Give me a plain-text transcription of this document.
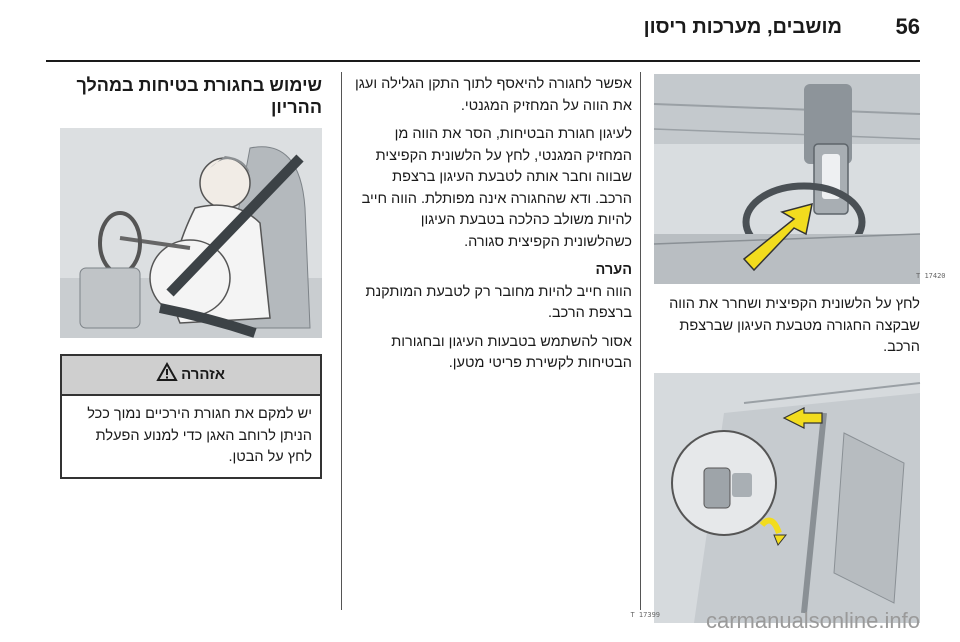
56
מושבים, מערכות ריסון
17420 T

לחץ על הלשונית הקפיצית ושחרר את הווה שבקצה החגורה מטבעת העיגון שברצפת הרכב.

17399 T

אפשר לחגורה להיאסף לתוך התקן הגלילה ועגן את הווה על המחזיק המגנטי.

לעיגון חגורת הבטיחות, הסר את הווה מן המחזיק המגנטי, לחץ על הלשונית הקפיצית שבווה וחבר אותה לטבעת העיגון ברצפת הרכב. ודא שהחגורה אינה מפותלת. הווה חייב להיות משולב כהלכה בטבעת העיגון כשהלשונית הקפיצית סגורה.

הערה

הווה חייב להיות מחובר רק לטבעת המותקנת ברצפת הרכב.

אסור להשתמש בטבעות העיגון ובחגורות הבטיחות לקשירת פריטי מטען.

שימוש בחגורת בטיחות במהלך ההריון
אזהרה
יש למקם את חגורת הירכיים נמוך ככל הניתן לרוחב האגן כדי למנוע הפעלת לחץ על הבטן.
carmanualsonline.info
